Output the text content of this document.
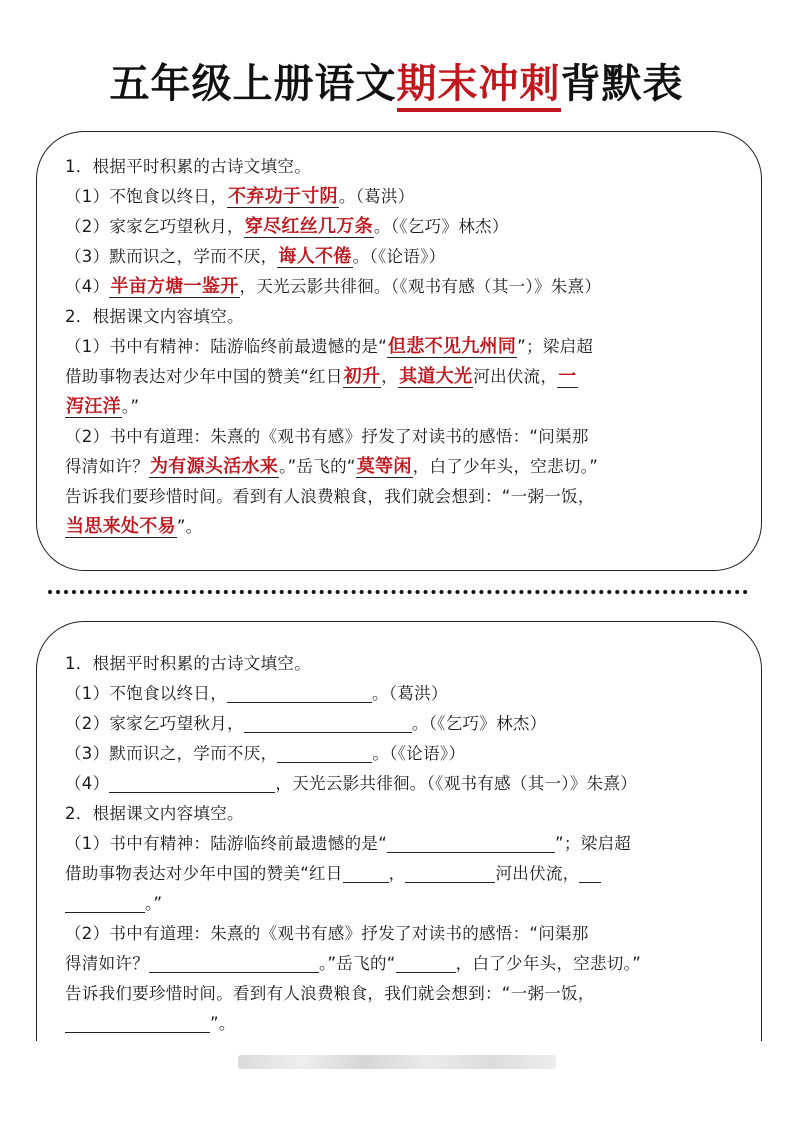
五年级上册语文期末冲刺背默表
1．根据平时积累的古诗文填空。
（1）不饱食以终日，不弃功于寸阴。（葛洪）
（2）家家乞巧望秋月，穿尽红丝几万条。（《乞巧》林杰）
（3）默而识之，学而不厌，诲人不倦。（《论语》）
（4）半亩方塘一鉴开，天光云影共徘徊。（《观书有感（其一）》朱熹）
2．根据课文内容填空。
（1）书中有精神：陆游临终前最遗憾的是“但悲不见九州同”；梁启超
借助事物表达对少年中国的赞美“红日初升，其道大光河出伏流，一
泻汪洋。”
（2）书中有道理：朱熹的《观书有感》抒发了对读书的感悟：“问渠那
得清如许？为有源头活水来。”岳飞的“莫等闲，白了少年头，空悲切。”
告诉我们要珍惜时间。看到有人浪费粮食，我们就会想到：“一粥一饭，
当思来处不易”。
1．根据平时积累的古诗文填空。
（1）不饱食以终日，	。（葛洪）
（2）家家乞巧望秋月，	。（《乞巧》林杰）
（3）默而识之，学而不厌，	。（《论语》）
（4）	，天光云影共徘徊。（《观书有感（其一）》朱熹）
2．根据课文内容填空。
（1）书中有精神：陆游临终前最遗憾的是“	”；梁启超
借助事物表达对少年中国的赞美“红日	，	河出伏流，
。”
（2）书中有道理：朱熹的《观书有感》抒发了对读书的感悟：“问渠那
得清如许？	。”岳飞的“	，白了少年头，空悲切。”
告诉我们要珍惜时间。看到有人浪费粮食，我们就会想到：“一粥一饭，
”。
